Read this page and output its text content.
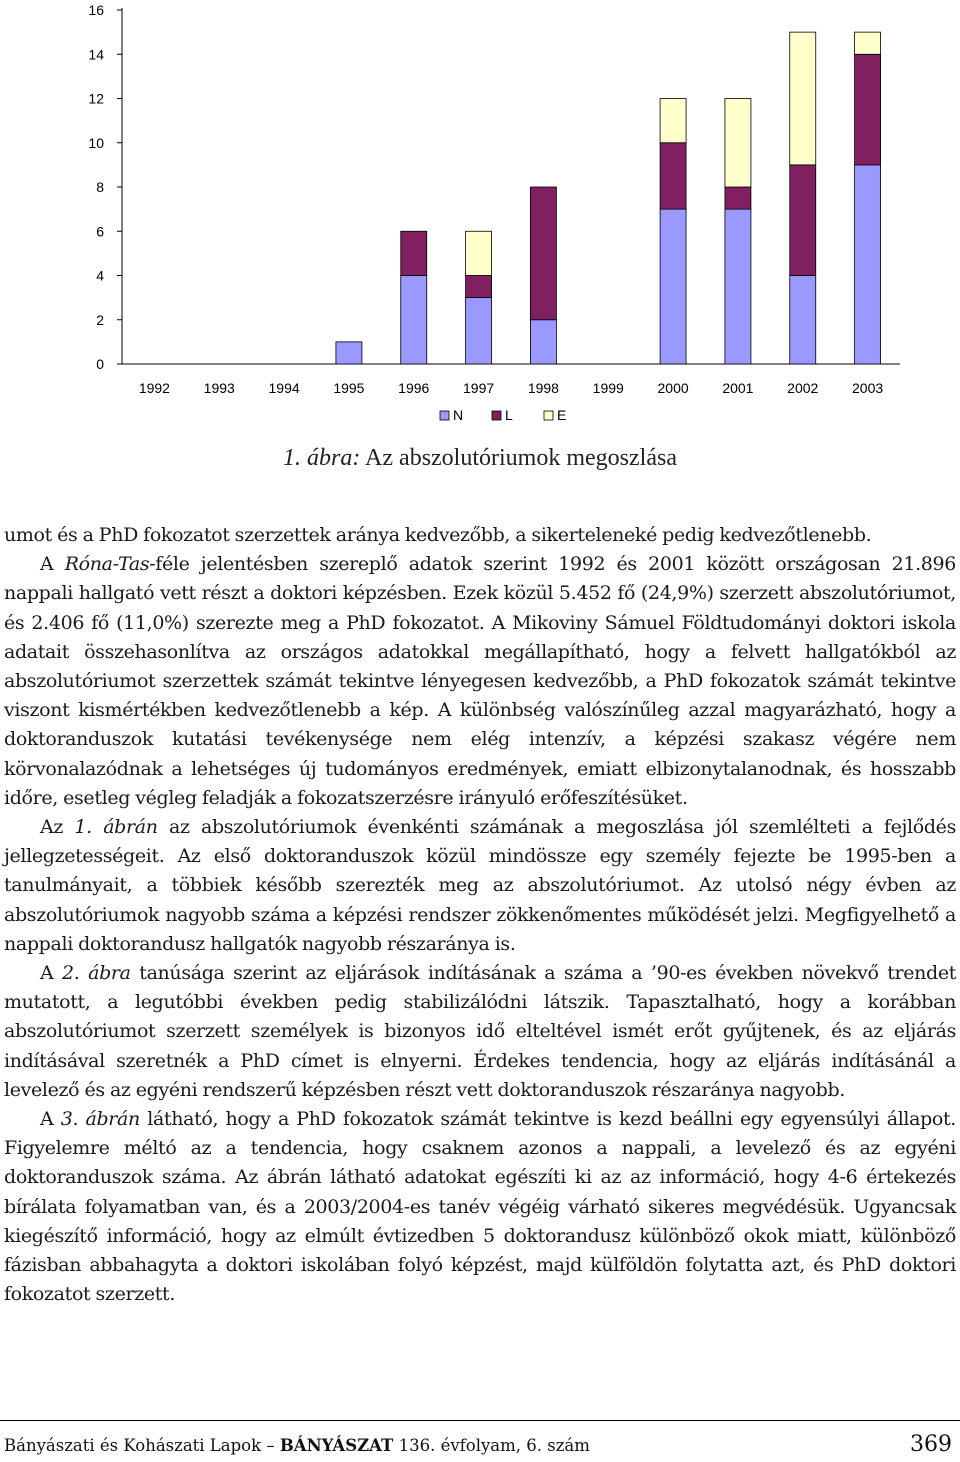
0
2
4
6
8
10
12
14
16
1992 1993 1994 1995 1996 1997 1998 1999 2000 2001 2002 2003
N	L	E
1. ábra: Az abszolutóriumok megoszlása

umot és a PhD fokozatot szerzettek aránya kedvezőbb, a sikerteleneké pedig kedvezőtlenebb.

A Róna-Tas-féle jelentésben szereplő adatok szerint 1992 és 2001 között országosan 21.896 nappali hallgató vett részt a doktori képzésben. Ezek közül 5.452 fő (24,9%) szerzett abszolutóriumot, és 2.406 fő (11,0%) szerezte meg a PhD fokozatot. A Mikoviny Sámuel Földtudományi doktori iskola adatait összehasonlítva az országos adatokkal megállapítható, hogy a felvett hallgatókból az abszolutóriumot szerzettek számát tekintve lényegesen kedvezőbb, a PhD fokozatok számát tekintve viszont kismértékben kedvezőtlenebb a kép. A különbség valószínűleg azzal magyarázható, hogy a doktoranduszok kutatási tevékenysége nem elég intenzív, a képzési szakasz végére nem körvonalazódnak a lehetséges új tudományos eredmények, emiatt elbizonytalanodnak, és hosszabb időre, esetleg végleg feladják a fokozatszerzésre irányuló erőfeszítésüket.

Az 1. ábrán az abszolutóriumok évenkénti számának a megoszlása jól szemlélteti a fejlődés jellegzetességeit. Az első doktoranduszok közül mindössze egy személy fejezte be 1995-ben a tanulmányait, a többiek később szerezték meg az abszolutóriumot. Az utolsó négy évben az abszolutóriumok nagyobb száma a képzési rendszer zökkenőmentes működését jelzi. Megfigyelhető a nappali doktorandusz hallgatók nagyobb részaránya is.

A 2. ábra tanúsága szerint az eljárások indításának a száma a ’90-es években növekvő trendet mutatott, a legutóbbi években pedig stabilizálódni látszik. Tapasztalható, hogy a korábban abszolutóriumot szerzett személyek is bizonyos idő elteltével ismét erőt gyűjtenek, és az eljárás indításával szeretnék a PhD címet is elnyerni. Érdekes tendencia, hogy az eljárás indításánál a levelező és az egyéni rendszerű képzésben részt vett doktoranduszok részaránya nagyobb.

A 3. ábrán látható, hogy a PhD fokozatok számát tekintve is kezd beállni egy egyensúlyi állapot. Figyelemre méltó az a tendencia, hogy csaknem azonos a nappali, a levelező és az egyéni doktoranduszok száma. Az ábrán látható adatokat egészíti ki az az információ, hogy 4-6 értekezés bírálata folyamatban van, és a 2003/2004-es tanév végéig várható sikeres megvédésük. Ugyancsak kiegészítő információ, hogy az elmúlt évtizedben 5 doktorandusz különböző okok miatt, különböző fázisban abbahagyta a doktori iskolában folyó képzést, majd külföldön folytatta azt, és PhD doktori fokozatot szerzett.

Bányászati és Kohászati Lapok – BÁNYÁSZAT 136. évfolyam, 6. szám	369
